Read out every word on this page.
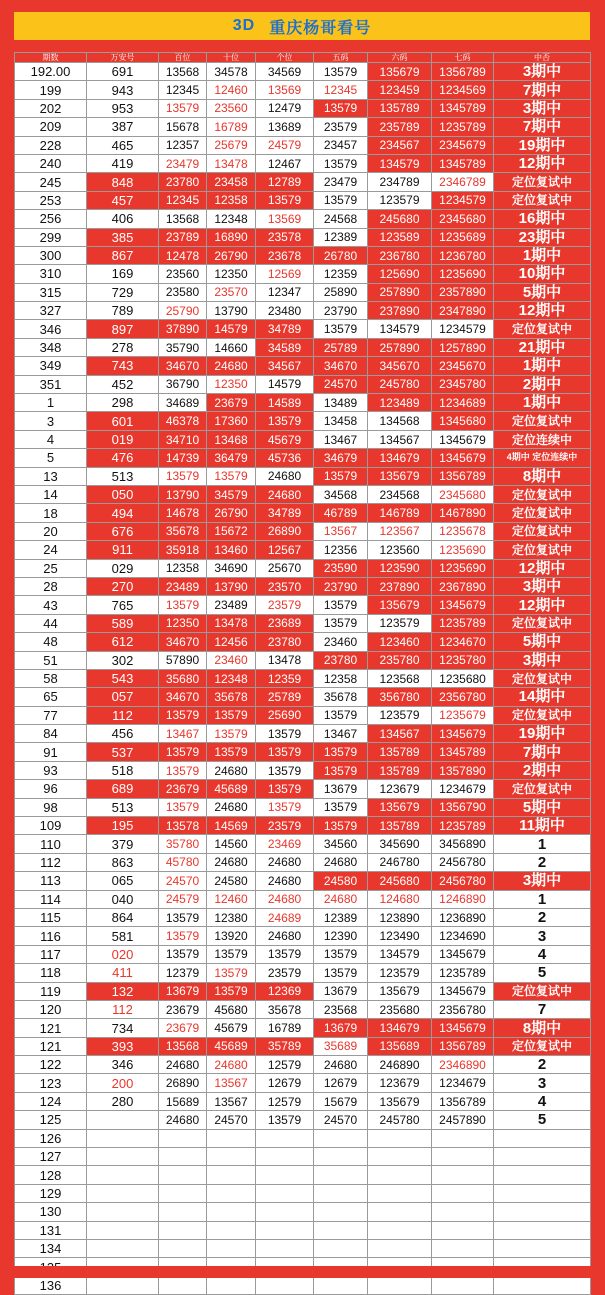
3D 重庆杨哥看号
期数	万安号	百位	十位	个位	五码	六码	七码	中否
192.00	691	13568	34578	34569	13579	135679	1356789	3期中
199	943	12345	12460	13569	12345	123459	1234569	7期中
202	953	13579	23560	12479	13579	135789	1345789	3期中
209	387	15678	16789	13689	23579	235789	1235789	7期中
228	465	12357	25679	24579	23457	234567	2345679	19期中
240	419	23479	13478	12467	13579	134579	1345789	12期中
245	848	23780	23458	12789	23479	234789	2346789	定位复试中
253	457	12345	12358	13579	13579	123579	1234579	定位复试中
256	406	13568	12348	13569	24568	245680	2345680	16期中
299	385	23789	16890	23578	12389	123589	1235689	23期中
300	867	12478	26790	23678	26780	236780	1236780	1期中
310	169	23560	12350	12569	12359	125690	1235690	10期中
315	729	23580	23570	12347	25890	257890	2357890	5期中
327	789	25790	13790	23480	23790	237890	2347890	12期中
346	897	37890	14579	34789	13579	134579	1234579	定位复试中
348	278	35790	14660	34589	25789	257890	1257890	21期中
349	743	34670	24680	34567	34670	345670	2345670	1期中
351	452	36790	12350	14579	24570	245780	2345780	2期中
1	298	34689	23679	14589	13489	123489	1234689	1期中
3	601	46378	17360	13579	13458	134568	1345680	定位复试中
4	019	34710	13468	45679	13467	134567	1345679	定位连续中
5	476	14739	36479	45736	34679	134679	1345679	4期中 定位连续中
13	513	13579	13579	24680	13579	135679	1356789	8期中
14	050	13790	34579	24680	34568	234568	2345680	定位复试中
18	494	14678	26790	34789	46789	146789	1467890	定位复试中
20	676	35678	15672	26890	13567	123567	1235678	定位复试中
24	911	35918	13460	12567	12356	123560	1235690	定位复试中
25	029	12358	34690	25670	23590	123590	1235690	12期中
28	270	23489	13790	23570	23790	237890	2367890	3期中
43	765	13579	23489	23579	13579	135679	1345679	12期中
44	589	12350	13478	23689	13579	123579	1235789	定位复试中
48	612	34670	12456	23780	23460	123460	1234670	5期中
51	302	57890	23460	13478	23780	235780	1235780	3期中
58	543	35680	12348	12359	12358	123568	1235680	定位复试中
65	057	34670	35678	25789	35678	356780	2356780	14期中
77	112	13579	13579	25690	13579	123579	1235679	定位复试中
84	456	13467	13579	13579	13467	134567	1345679	19期中
91	537	13579	13579	13579	13579	135789	1345789	7期中
93	518	13579	24680	13579	13579	135789	1357890	2期中
96	689	23679	45689	13579	13679	123679	1234679	定位复试中
98	513	13579	24680	13579	13579	135679	1356790	5期中
109	195	13578	14569	23579	13579	135789	1235789	11期中
110	379	35780	14560	23469	34560	345690	3456890	1
112	863	45780	24680	24680	24680	246780	2456780	2
113	065	24570	24580	24680	24580	245680	2456780	3期中
114	040	24579	12460	24680	24680	124680	1246890	1
115	864	13579	12380	24689	12389	123890	1236890	2
116	581	13579	13920	24680	12390	123490	1234690	3
117	020	13579	13579	13579	13579	134579	1345679	4
118	411	12379	13579	23579	13579	123579	1235789	5
119	132	13679	13579	12369	13679	135679	1345679	定位复试中
120	112	23679	45680	35678	23568	235680	2356780	7
121	734	23679	45679	16789	13679	134679	1345679	8期中
121	393	13568	45689	35789	35689	135689	1356789	定位复试中
122	346	24680	24680	12579	24680	246890	2346890	2
123	200	26890	13567	12679	12679	123679	1234679	3
124	280	15689	13567	12579	15679	135679	1356789	4
125		24680	24570	13579	24570	245780	2457890	5
126								
127								
128								
129								
130								
131								
134								

136								
